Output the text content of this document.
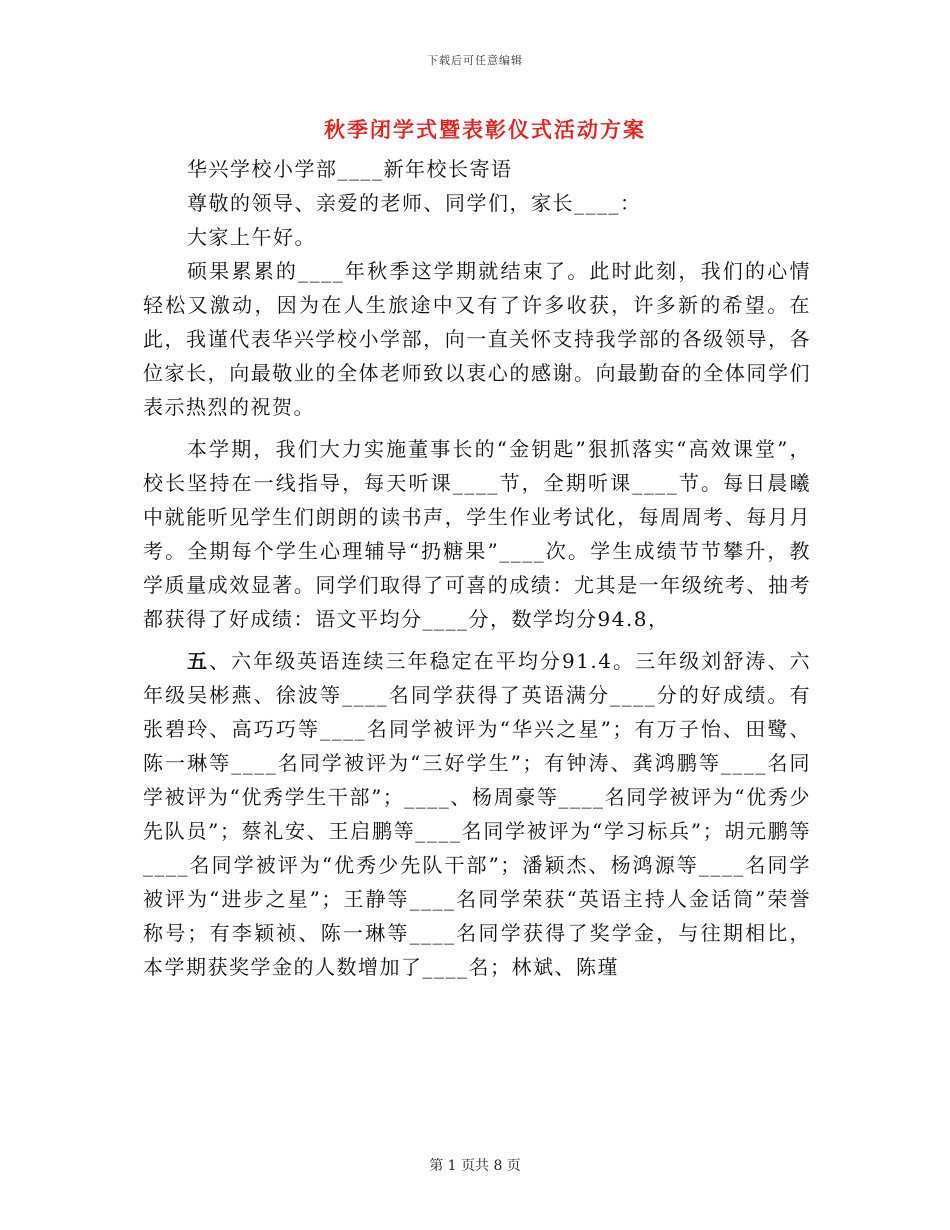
下载后可任意编辑
秋季闭学式暨表彰仪式活动方案

华兴学校小学部____新年校长寄语

尊敬的领导、亲爱的老师、同学们，家长____：

大家上午好。

硕果累累的____年秋季这学期就结束了。此时此刻，我们的心情轻松又激动，因为在人生旅途中又有了许多收获，许多新的希望。在此，我谨代表华兴学校小学部，向一直关怀支持我学部的各级领导，各位家长，向最敬业的全体老师致以衷心的感谢。向最勤奋的全体同学们表示热烈的祝贺。

本学期，我们大力实施董事长的“金钥匙”狠抓落实“高效课堂”，校长坚持在一线指导，每天听课____节，全期听课____节。每日晨曦中就能听见学生们朗朗的读书声，学生作业考试化，每周周考、每月月考。全期每个学生心理辅导“扔糖果”____次。学生成绩节节攀升，教学质量成效显著。同学们取得了可喜的成绩：尤其是一年级统考、抽考都获得了好成绩：语文平均分____分，数学均分94.8，

五、六年级英语连续三年稳定在平均分91.4。三年级刘舒涛、六年级吴彬燕、徐波等____名同学获得了英语满分____分的好成绩。有张碧玲、高巧巧等____名同学被评为“华兴之星”；有万子怡、田鹭、陈一琳等____名同学被评为“三好学生”；有钟涛、龚鸿鹏等____名同学被评为“优秀学生干部”；____、杨周豪等____名同学被评为“优秀少先队员”；蔡礼安、王启鹏等____名同学被评为“学习标兵”；胡元鹏等____名同学被评为“优秀少先队干部”；潘颖杰、杨鸿源等____名同学被评为“进步之星”；王静等____名同学荣获“英语主持人金话筒”荣誉称号；有李颖祯、陈一琳等____名同学获得了奖学金，与往期相比，本学期获奖学金的人数增加了____名；林斌、陈瑾

第 1 页共 8 页
